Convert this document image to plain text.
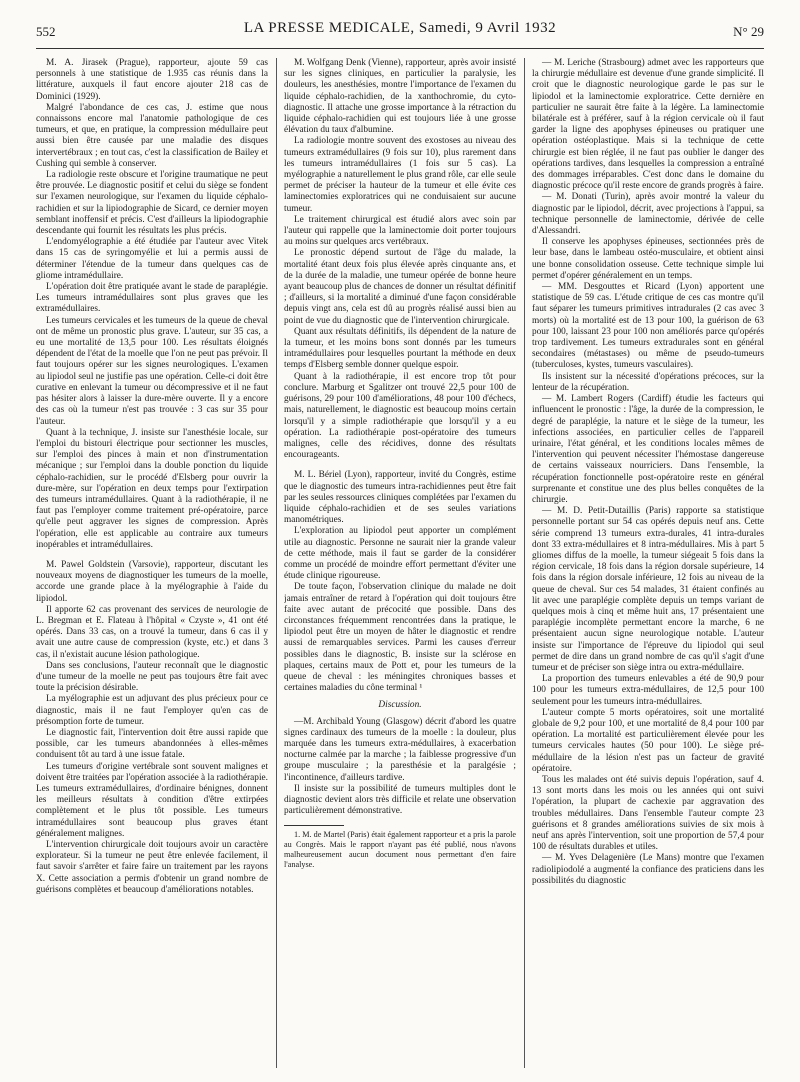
552	LA PRESSE MEDICALE, Samedi, 9 Avril 1932	N° 29

M. A. Jirasek (Prague), rapporteur, ajoute 59 cas personnels à une statistique de 1.935 cas réunis dans la littérature, auxquels il faut encore ajouter 218 cas de Dominici (1929).

Malgré l'abondance de ces cas, J. estime que nous connaissons encore mal l'anatomie pathologique de ces tumeurs, et que, en pratique, la compression médullaire peut aussi bien être causée par une maladie des disques intervertébraux ; en tout cas, c'est la classification de Bailey et Cushing qui semble à conserver.

La radiologie reste obscure et l'origine traumatique ne peut être prouvée. Le diagnostic positif et celui du siège se fondent sur l'examen neurologique, sur l'examen du liquide céphalo-rachidien et sur la lipiodographie de Sicard, ce dernier moyen semblant inoffensif et précis. C'est d'ailleurs la lipiodographie descendante qui fournit les résultats les plus précis.

L'endomyélographie a été étudiée par l'auteur avec Vitek dans 15 cas de syringomyélie et lui a permis aussi de déterminer l'étendue de la tumeur dans quelques cas de gliome intramédullaire.

L'opération doit être pratiquée avant le stade de paraplégie. Les tumeurs intramédullaires sont plus graves que les extramédullaires.

Les tumeurs cervicales et les tumeurs de la queue de cheval ont de même un pronostic plus grave. L'auteur, sur 35 cas, a eu une mortalité de 13,5 pour 100. Les résultats éloignés dépendent de l'état de la moelle que l'on ne peut pas prévoir. Il faut toujours opérer sur les signes neurologiques. L'examen au lipiodol seul ne justifie pas une opération. Celle-ci doit être curative en enlevant la tumeur ou décompressive et il ne faut pas hésiter alors à laisser la dure-mère ouverte. Il y a encore des cas où la tumeur n'est pas trouvée : 3 cas sur 35 pour l'auteur.

Quant à la technique, J. insiste sur l'anesthésie locale, sur l'emploi du bistouri électrique pour sectionner les muscles, sur l'emploi des pinces à main et non d'instrumentation mécanique ; sur l'emploi dans la double ponction du liquide céphalo-rachidien, sur le procédé d'Elsberg pour ouvrir la dure-mère, sur l'opération en deux temps pour l'extirpation des tumeurs intramédullaires. Quant à la radiothérapie, il ne faut pas l'employer comme traitement pré-opératoire, parce qu'elle peut aggraver les signes de compression. Après l'opération, elle est applicable au contraire aux tumeurs inopérables et intramédullaires.

M. Pawel Goldstein (Varsovie), rapporteur, discutant les nouveaux moyens de diagnostiquer les tumeurs de la moelle, accorde une grande place à la myélographie à l'aide du lipiodol.

Il apporte 62 cas provenant des services de neurologie de L. Bregman et E. Flateau à l'hôpital « Czyste », 41 ont été opérés. Dans 33 cas, on a trouvé la tumeur, dans 6 cas il y avait une autre cause de compression (kyste, etc.) et dans 3 cas, il n'existait aucune lésion pathologique.

Dans ses conclusions, l'auteur reconnaît que le diagnostic d'une tumeur de la moelle ne peut pas toujours être fait avec toute la précision désirable.

La myélographie est un adjuvant des plus précieux pour ce diagnostic, mais il ne faut l'employer qu'en cas de présomption forte de tumeur.

Le diagnostic fait, l'intervention doit être aussi rapide que possible, car les tumeurs abandonnées à elles-mêmes conduisent tôt au tard à une issue fatale.

Les tumeurs d'origine vertébrale sont souvent malignes et doivent être traitées par l'opération associée à la radiothérapie. Les tumeurs extramédullaires, d'ordinaire bénignes, donnent les meilleurs résultats à condition d'être extirpées complètement et le plus tôt possible. Les tumeurs intramédullaires sont beaucoup plus graves étant généralement malignes.

L'intervention chirurgicale doit toujours avoir un caractère explorateur. Si la tumeur ne peut être enlevée facilement, il faut savoir s'arrêter et faire faire un traitement par les rayons X. Cette association a permis d'obtenir un grand nombre de guérisons complètes et beaucoup d'améliorations notables.

M. Wolfgang Denk (Vienne), rapporteur, après avoir insisté sur les signes cliniques, en particulier la paralysie, les douleurs, les anesthésies, montre l'importance de l'examen du liquide céphalo-rachidien, de la xanthochromie, du cyto-diagnostic. Il attache une grosse importance à la rétraction du liquide céphalo-rachidien qui est toujours liée à une grosse élévation du taux d'albumine.

La radiologie montre souvent des exostoses au niveau des tumeurs extramédullaires (9 fois sur 10), plus rarement dans les tumeurs intramédullaires (1 fois sur 5 cas). La myélographie a naturellement le plus grand rôle, car elle seule permet de préciser la hauteur de la tumeur et elle évite ces laminectomies exploratrices qui ne conduisaient sur aucune tumeur.

Le traitement chirurgical est étudié alors avec soin par l'auteur qui rappelle que la laminectomie doit porter toujours au moins sur quelques arcs vertébraux.

Le pronostic dépend surtout de l'âge du malade, la mortalité étant deux fois plus élevée après cinquante ans, et de la durée de la maladie, une tumeur opérée de bonne heure ayant beaucoup plus de chances de donner un résultat définitif ; d'ailleurs, si la mortalité a diminué d'une façon considérable depuis vingt ans, cela est dû au progrès réalisé aussi bien au point de vue du diagnostic que de l'intervention chirurgicale.

Quant aux résultats définitifs, ils dépendent de la nature de la tumeur, et les moins bons sont donnés par les tumeurs intramédullaires pour lesquelles pourtant la méthode en deux temps d'Elsberg semble donner quelque espoir.

Quant à la radiothérapie, il est encore trop tôt pour conclure. Marburg et Sgalitzer ont trouvé 22,5 pour 100 de guérisons, 29 pour 100 d'améliorations, 48 pour 100 d'échecs, mais, naturellement, le diagnostic est beaucoup moins certain lorsqu'il y a simple radiothérapie que lorsqu'il y a eu opération. La radiothérapie post-opératoire des tumeurs malignes, celle des récidives, donne des résultats encourageants.

M. L. Bériel (Lyon), rapporteur, invité du Congrès, estime que le diagnostic des tumeurs intra-rachidiennes peut être fait par les seules ressources cliniques complétées par l'examen du liquide céphalo-rachidien et de ses seules variations manométriques.

L'exploration au lipiodol peut apporter un complément utile au diagnostic. Personne ne saurait nier la grande valeur de cette méthode, mais il faut se garder de la considérer comme un procédé de moindre effort permettant d'éviter une étude clinique rigoureuse.

De toute façon, l'observation clinique du malade ne doit jamais entraîner de retard à l'opération qui doit toujours être faite avec autant de précocité que possible. Dans des circonstances fréquemment rencontrées dans la pratique, le lipiodol peut être un moyen de hâter le diagnostic et rendre aussi de remarquables services. Parmi les causes d'erreur possibles dans le diagnostic, B. insiste sur la sclérose en plaques, certains maux de Pott et, pour les tumeurs de la queue de cheval : les méningites chroniques basses et certaines maladies du cône terminal ¹

Discussion.

—M. Archibald Young (Glasgow) décrit d'abord les quatre signes cardinaux des tumeurs de la moelle : la douleur, plus marquée dans les tumeurs extra-médullaires, à exacerbation nocturne calmée par la marche ; la faiblesse progressive d'un groupe musculaire ; la paresthésie et la paralgésie ; l'incontinence, d'ailleurs tardive.

Il insiste sur la possibilité de tumeurs multiples dont le diagnostic devient alors très difficile et relate une observation particulièrement démonstrative.

1. M. de Martel (Paris) était également rapporteur et a pris la parole au Congrès. Mais le rapport n'ayant pas été publié, nous n'avons malheureusement aucun document nous permettant d'en faire l'analyse.

— M. Leriche (Strasbourg) admet avec les rapporteurs que la chirurgie médullaire est devenue d'une grande simplicité. Il croit que le diagnostic neurologique garde le pas sur le lipiodol et la laminectomie exploratrice. Cette dernière en particulier ne saurait être faite à la légère. La laminectomie bilatérale est à préférer, sauf à la région cervicale où il faut garder la ligne des apophyses épineuses ou pratiquer une opération ostéoplastique. Mais si la technique de cette chirurgie est bien réglée, il ne faut pas oublier le danger des opérations tardives, dans lesquelles la compression a entraîné des dommages irréparables. C'est donc dans le domaine du diagnostic précoce qu'il reste encore de grands progrès à faire.

— M. Donati (Turin), après avoir montré la valeur du diagnostic par le lipiodol, décrit, avec projections à l'appui, sa technique personnelle de laminectomie, dérivée de celle d'Alessandri.

Il conserve les apophyses épineuses, sectionnées près de leur base, dans le lambeau ostéo-musculaire, et obtient ainsi une bonne consolidation osseuse. Cette technique simple lui permet d'opérer généralement en un temps.

— MM. Desgouttes et Ricard (Lyon) apportent une statistique de 59 cas. L'étude critique de ces cas montre qu'il faut séparer les tumeurs primitives intradurales (2 cas avec 3 morts) où la mortalité est de 13 pour 100, la guérison de 63 pour 100, laissant 23 pour 100 non améliorés parce qu'opérés trop tardivement. Les tumeurs extradurales sont en général secondaires (métastases) ou même de pseudo-tumeurs (tuberculoses, kystes, tumeurs vasculaires).

Ils insistent sur la nécessité d'opérations précoces, sur la lenteur de la récupération.

— M. Lambert Rogers (Cardiff) étudie les facteurs qui influencent le pronostic : l'âge, la durée de la compression, le degré de paraplégie, la nature et le siège de la tumeur, les infections associées, en particulier celles de l'appareil urinaire, l'état général, et les conditions locales mêmes de l'intervention qui peuvent nécessiter l'hémostase dangereuse de certains vaisseaux nourriciers. Dans l'ensemble, la récupération fonctionnelle post-opératoire reste en général surprenante et constitue une des plus belles conquêtes de la chirurgie.

— M. D. Petit-Dutaillis (Paris) rapporte sa statistique personnelle portant sur 54 cas opérés depuis neuf ans. Cette série comprend 13 tumeurs extra-durales, 41 intra-durales dont 33 extra-médullaires et 8 intra-médullaires. Mis à part 5 gliomes diffus de la moelle, la tumeur siégeait 5 fois dans la région cervicale, 18 fois dans la région dorsale supérieure, 14 fois dans la région dorsale inférieure, 12 fois au niveau de la queue de cheval. Sur ces 54 malades, 31 étaient confinés au lit avec une paraplégie complète depuis un temps variant de quelques mois à cinq et même huit ans, 17 présentaient une paraplégie incomplète permettant encore la marche, 6 ne présentaient aucun signe neurologique notable. L'auteur insiste sur l'importance de l'épreuve du lipiodol qui seul permet de dire dans un grand nombre de cas qu'il s'agit d'une tumeur et de préciser son siège intra ou extra-médullaire.

La proportion des tumeurs enlevables a été de 90,9 pour 100 pour les tumeurs extra-médullaires, de 12,5 pour 100 seulement pour les tumeurs intra-médullaires.

L'auteur compte 5 morts opératoires, soit une mortalité globale de 9,2 pour 100, et une mortalité de 8,4 pour 100 par opération. La mortalité est particulièrement élevée pour les tumeurs cervicales hautes (50 pour 100). Le siège pré-médullaire de la lésion n'est pas un facteur de gravité opératoire.

Tous les malades ont été suivis depuis l'opération, sauf 4. 13 sont morts dans les mois ou les années qui ont suivi l'opération, la plupart de cachexie par aggravation des troubles médullaires. Dans l'ensemble l'auteur compte 23 guérisons et 8 grandes améliorations suivies de six mois à neuf ans après l'intervention, soit une proportion de 57,4 pour 100 de résultats durables et utiles.

— M. Yves Delagenière (Le Mans) montre que l'examen radiolipiodolé a augmenté la confiance des praticiens dans les possibilités du diagnostic
